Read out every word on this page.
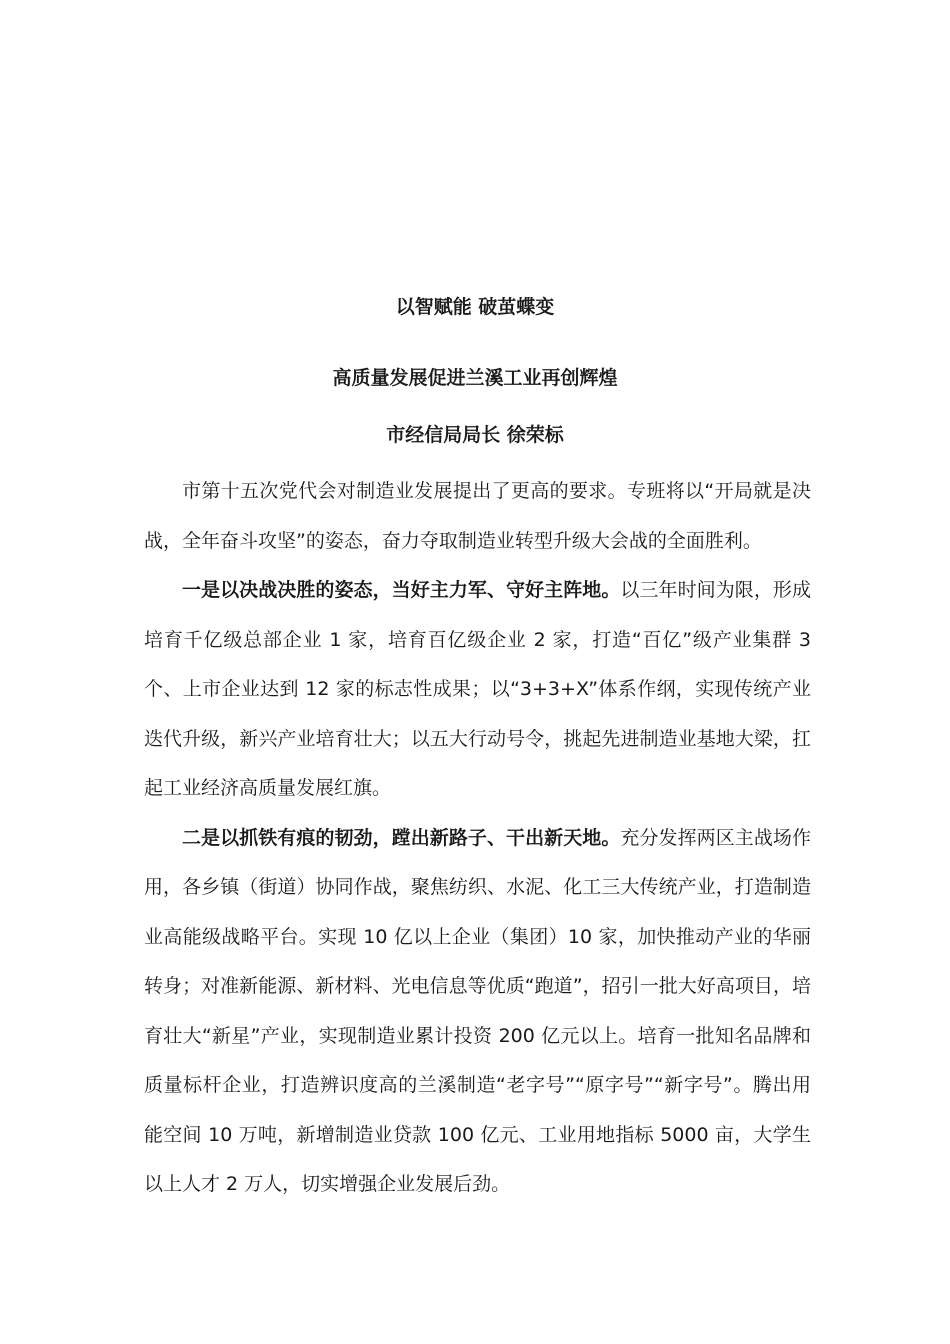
以智赋能 破茧蝶变
高质量发展促进兰溪工业再创辉煌
市经信局局长 徐荣标

市第十五次党代会对制造业发展提出了更高的要求。专班将以“开局就是决战，全年奋斗攻坚”的姿态，奋力夺取制造业转型升级大会战的全面胜利。

一是以决战决胜的姿态，当好主力军、守好主阵地。以三年时间为限，形成培育千亿级总部企业 1 家，培育百亿级企业 2 家，打造“百亿”级产业集群 3 个、上市企业达到 12 家的标志性成果；以“3+3+X”体系作纲，实现传统产业迭代升级，新兴产业培育壮大；以五大行动号令，挑起先进制造业基地大梁，扛起工业经济高质量发展红旗。

二是以抓铁有痕的韧劲，蹚出新路子、干出新天地。充分发挥两区主战场作用，各乡镇（街道）协同作战，聚焦纺织、水泥、化工三大传统产业，打造制造业高能级战略平台。实现 10 亿以上企业（集团）10 家，加快推动产业的华丽转身；对准新能源、新材料、光电信息等优质“跑道”，招引一批大好高项目，培育壮大“新星”产业，实现制造业累计投资 200 亿元以上。培育一批知名品牌和质量标杆企业，打造辨识度高的兰溪制造“老字号”“原字号”“新字号”。腾出用能空间 10 万吨，新增制造业贷款 100 亿元、工业用地指标 5000 亩，大学生以上人才 2 万人，切实增强企业发展后劲。
